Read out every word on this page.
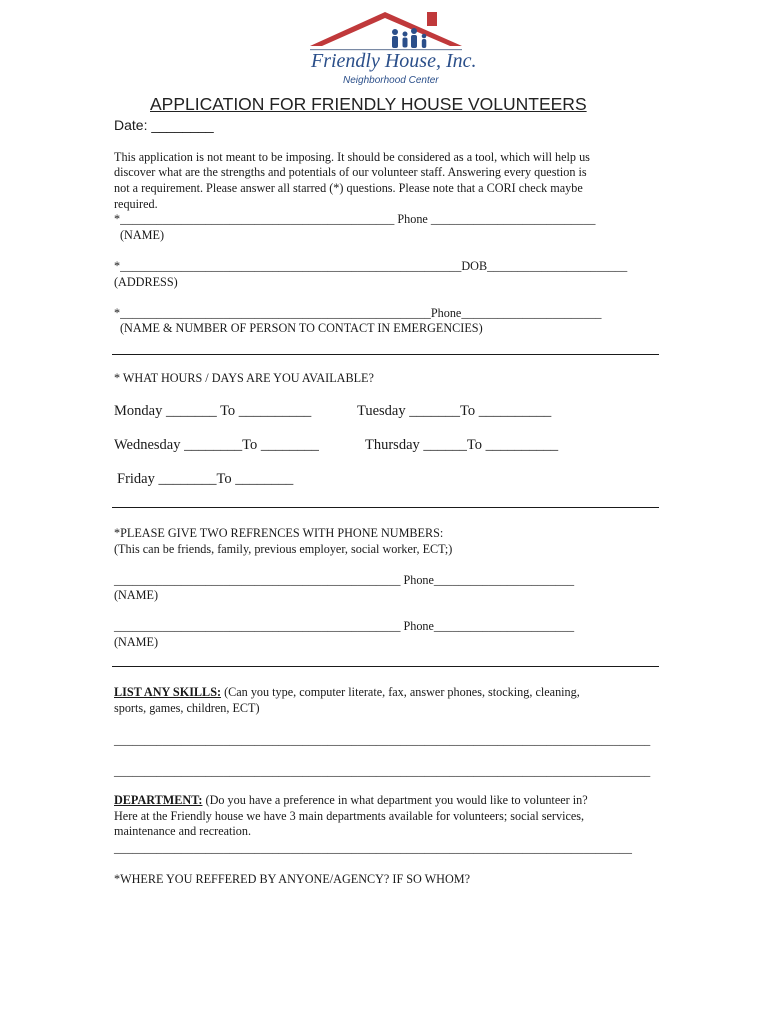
Friendly House, Inc.
Neighborhood Center
APPLICATION FOR FRIENDLY HOUSE VOLUNTEERS
Date: ________
This application is not meant to be imposing. It should be considered as a tool, which will help us
discover what are the strengths and potentials of our volunteer staff. Answering every question is
not a requirement. Please answer all starred (*) questions. Please note that a CORI check maybe
required.
*_____________________________________________ Phone ___________________________
(NAME)
*________________________________________________________DOB_______________________
(ADDRESS)
*___________________________________________________Phone_______________________
(NAME & NUMBER OF PERSON TO CONTACT IN EMERGENCIES)
* WHAT HOURS / DAYS ARE YOU AVAILABLE?
Monday _______ To __________	Tuesday _______To __________
Wednesday ________To ________	Thursday ______To __________
Friday ________To ________
*PLEASE GIVE TWO REFRENCES WITH PHONE NUMBERS:
(This can be friends, family, previous employer, social worker, ECT;)
_______________________________________________ Phone_______________________
(NAME)
_______________________________________________ Phone_______________________
(NAME)
LIST ANY SKILLS: (Can you type, computer literate, fax, answer phones, stocking, cleaning,
sports, games, children, ECT)
________________________________________________________________________________________
________________________________________________________________________________________
DEPARTMENT: (Do you have a preference in what department you would like to volunteer in?
Here at the Friendly house we have 3 main departments available for volunteers; social services,
maintenance and recreation.
_____________________________________________________________________________________
*WHERE YOU REFFERED BY ANYONE/AGENCY? IF SO WHOM?
